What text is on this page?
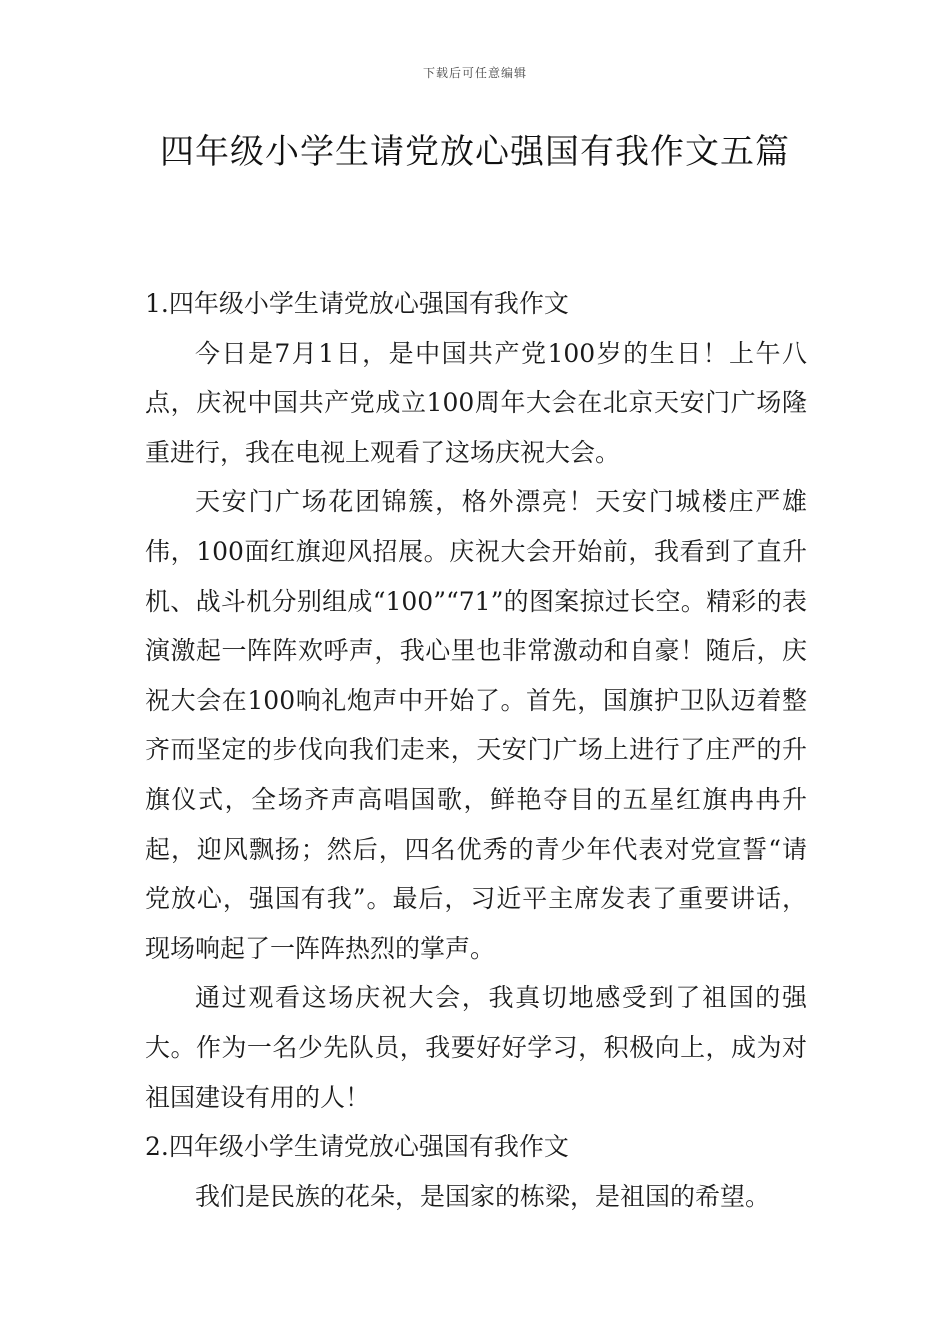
下载后可任意编辑
四年级小学生请党放心强国有我作文五篇
1.四年级小学生请党放心强国有我作文

今日是7月1日，是中国共产党100岁的生日！上午八点，庆祝中国共产党成立100周年大会在北京天安门广场隆重进行，我在电视上观看了这场庆祝大会。

天安门广场花团锦簇，格外漂亮！天安门城楼庄严雄伟，100面红旗迎风招展。庆祝大会开始前，我看到了直升机、战斗机分别组成“100”“71”的图案掠过长空。精彩的表演激起一阵阵欢呼声，我心里也非常激动和自豪！随后，庆祝大会在100响礼炮声中开始了。首先，国旗护卫队迈着整齐而坚定的步伐向我们走来，天安门广场上进行了庄严的升旗仪式，全场齐声高唱国歌，鲜艳夺目的五星红旗冉冉升起，迎风飘扬；然后，四名优秀的青少年代表对党宣誓“请党放心，强国有我”。最后，习近平主席发表了重要讲话，现场响起了一阵阵热烈的掌声。

通过观看这场庆祝大会，我真切地感受到了祖国的强大。作为一名少先队员，我要好好学习，积极向上，成为对祖国建设有用的人！

2.四年级小学生请党放心强国有我作文

我们是民族的花朵，是国家的栋梁，是祖国的希望。
